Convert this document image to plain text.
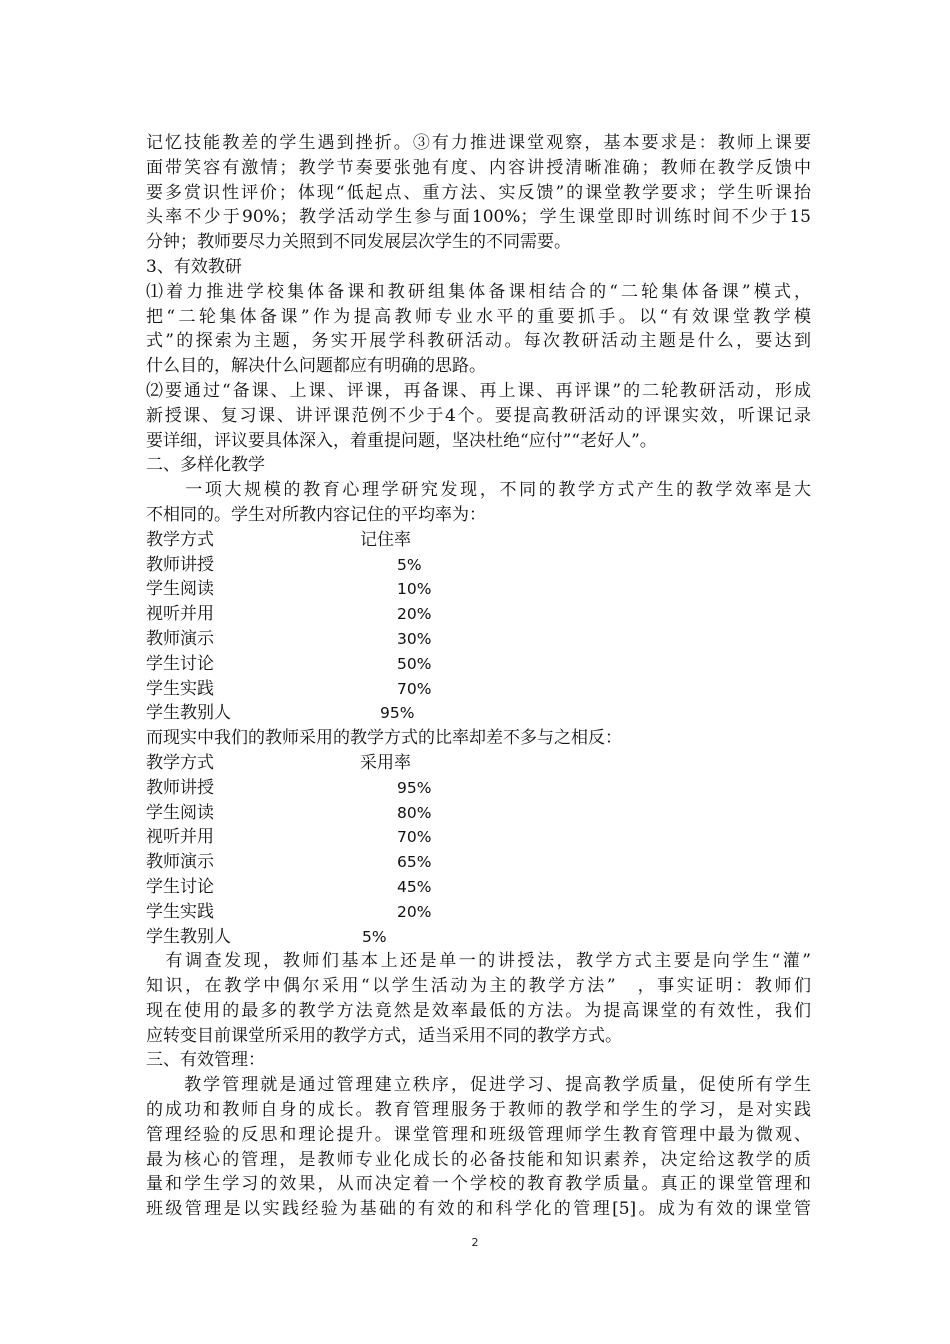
记忆技能教差的学生遇到挫折。③有力推进课堂观察，基本要求是：教师上课要
面带笑容有激情；教学节奏要张弛有度、内容讲授清晰准确；教师在教学反馈中
要多赏识性评价；体现“低起点、重方法、实反馈”的课堂教学要求；学生听课抬
头率不少于90%；教学活动学生参与面100%；学生课堂即时训练时间不少于15
分钟；教师要尽力关照到不同发展层次学生的不同需要。
3、有效教研
⑴着力推进学校集体备课和教研组集体备课相结合的“二轮集体备课”模式，
把“二轮集体备课”作为提高教师专业水平的重要抓手。以“有效课堂教学模
式”的探索为主题，务实开展学科教研活动。每次教研活动主题是什么，要达到
什么目的，解决什么问题都应有明确的思路。
⑵要通过“备课、上课、评课，再备课、再上课、再评课”的二轮教研活动，形成
新授课、复习课、讲评课范例不少于4个。要提高教研活动的评课实效，听课记录
要详细，评议要具体深入，着重提问题，坚决杜绝“应付”“老好人”。
二、多样化教学
　　一项大规模的教育心理学研究发现，不同的教学方式产生的教学效率是大
不相同的。学生对所教内容记住的平均率为：
教学方式	记住率
教师讲授	5%
学生阅读	10%
视听并用	20%
教师演示	30%
学生讨论	50%
学生实践	70%
学生教别人	95%
而现实中我们的教师采用的教学方式的比率却差不多与之相反：
教学方式	采用率
教师讲授	95%
学生阅读	80%
视听并用	70%
教师演示	65%
学生讨论	45%
学生实践	20%
学生教别人	5%
　有调查发现，教师们基本上还是单一的讲授法，教学方式主要是向学生“灌”
知识，在教学中偶尔采用“以学生活动为主的教学方法”　，事实证明：教师们
现在使用的最多的教学方法竟然是效率最低的方法。为提高课堂的有效性，我们
应转变目前课堂所采用的教学方式，适当采用不同的教学方式。
三、有效管理：
　　教学管理就是通过管理建立秩序，促进学习、提高教学质量，促使所有学生
的成功和教师自身的成长。教育管理服务于教师的教学和学生的学习，是对实践
管理经验的反思和理论提升。课堂管理和班级管理师学生教育管理中最为微观、
最为核心的管理，是教师专业化成长的必备技能和知识素养，决定给这教学的质
量和学生学习的效果，从而决定着一个学校的教育教学质量。真正的课堂管理和
班级管理是以实践经验为基础的有效的和科学化的管理[5]。成为有效的课堂管
2
